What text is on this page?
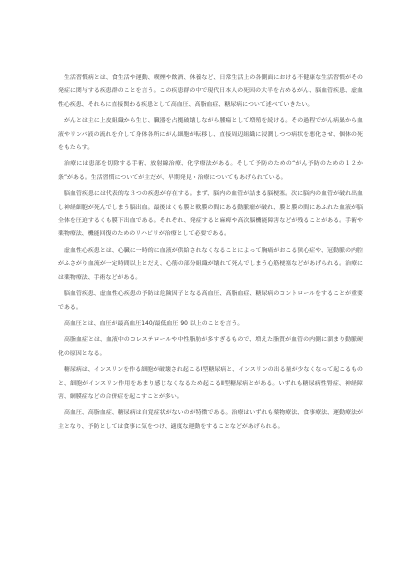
生活習慣病とは、食生活や運動、喫煙や飲酒、休養など、日常生活上の各側面における不健康な生活習慣がその発症に関与する疾患群のことを言う。この疾患群の中で現代日本人の死因の大半を占めるがん、脳血管疾患、虚血性心疾患、それらに直接関わる疾患として高血圧、高脂血症、糖尿病について述べていきたい。

がんとは主に上皮組織から生じ、臓器を占拠破壊しながら腫瘍として増殖を続ける。その過程でがん病巣から血液やリンパ液の流れを介して身体各所にがん細胞が転移し、直接周辺組織に浸潤しつつ病状を悪化させ、個体の死をもたらす。

治療には患部を切除する手術、放射線治療、化学療法がある。そして予防のための“がん予防のための１２か条”がある。生活習慣についてが主だが、早期発見・治療についてもあげられている。

脳血管疾患には代表的な３つの疾患が存在する。まず、脳内の血管が詰まる脳梗塞。次に脳内の血管が破れ出血し神経細胞が死んでしまう脳出血。最後はくも膜と軟膜の間にある動脈瘤が破れ、膜と膜の間にあふれた血液が脳全体を圧迫するくも膜下出血である。それぞれ、発症すると麻痺や高次脳機能障害などが残ることがある。手術や薬物療法、機能回復のためのリハビリが治療として必要である。

虚血性心疾患とは、心臓に一時的に血液が供給されなくなることによって胸痛がおこる狭心症や、冠動脈の内腔がふさがり血流が一定時間以上とだえ、心筋の部分組織が壊れて死んでしまう心筋梗塞などがあげられる。治療には薬物療法、手術などがある。

脳血管疾患、虚血性心疾患の予防は危険因子となる高血圧、高脂血症、糖尿病のコントロールをすることが重要である。

高血圧とは、血圧が最高血圧140/最低血圧 90 以上のことを言う。

高脂血症とは、血液中のコレステロールや中性脂肪が多すぎるもので、増えた脂質が血管の内側に溜まり動脈硬化の原因となる。

糖尿病は、インスリンを作る細胞が破壊され起こるⅠ型糖尿病と、インスリンの出る量が少なくなって起こるものと、細胞がインスリン作用をあまり感じなくなるため起こるⅡ型糖尿病とがある。いずれも糖尿病性腎症、神経障害、網膜症などの合併症を起こすことが多い。

高血圧、高脂血症、糖尿病は自覚症状がないのが特徴である。治療はいずれも薬物療法、食事療法、運動療法が主となり、予防としては食事に気をつけ、適度な運動をすることなどがあげられる。
